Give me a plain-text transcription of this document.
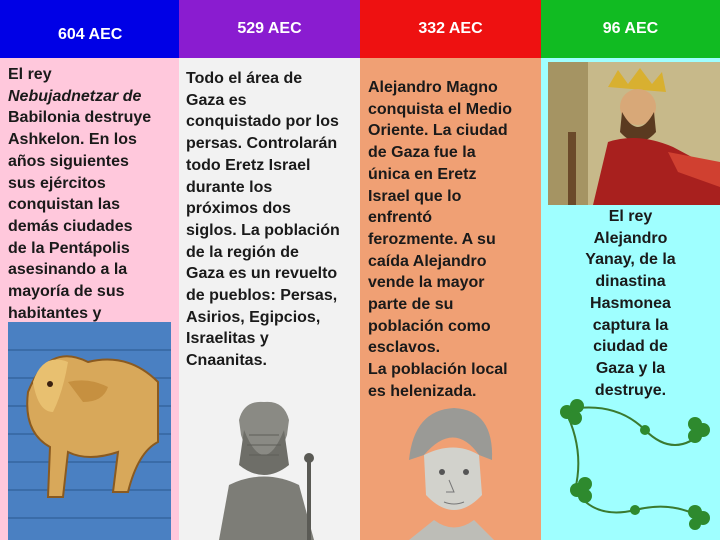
604 AEC
El rey
Nebujadnetzar de
Babilonia destruye
Ashkelon. En los
años siguientes
sus ejércitos
conquistan las
demás ciudades
de la Pentápolis
asesinando a la
mayoría de sus
habitantes y
529 AEC
Todo el área de
Gaza es
conquistado por los
persas. Controlarán
todo Eretz Israel
durante los
próximos dos
siglos. La población
de la región de
Gaza es un revuelto
de pueblos: Persas,
Asirios, Egipcios,
Israelitas y
Cnaanitas.
332 AEC
Alejandro Magno
conquista el Medio
Oriente. La ciudad
de Gaza fue la
única en Eretz
Israel que lo
enfrentó
ferozmente. A su
caída Alejandro
vende la mayor
parte de su
población como
esclavos.
La población local
es helenizada.
96 AEC
El rey
Alejandro
Yanay, de la
dinastina
Hasmonea
captura la
ciudad de
Gaza y la
destruye.
